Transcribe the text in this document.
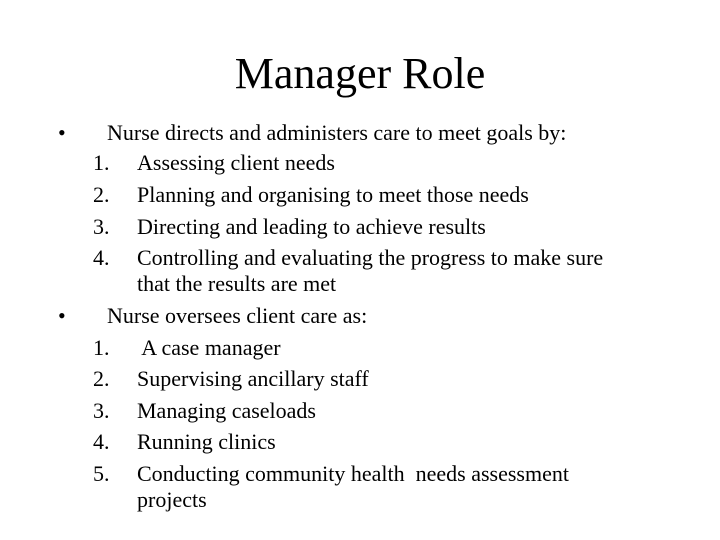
Manager Role
• Nurse directs and administers care to meet goals by:
1. Assessing client needs
2. Planning and organising to meet those needs
3. Directing and leading to achieve results
4. Controlling and evaluating the progress to make sure
that the results are met
• Nurse oversees client care as:
1. A case manager
2. Supervising ancillary staff
3. Managing caseloads
4. Running clinics
5. Conducting community health  needs assessment
projects
